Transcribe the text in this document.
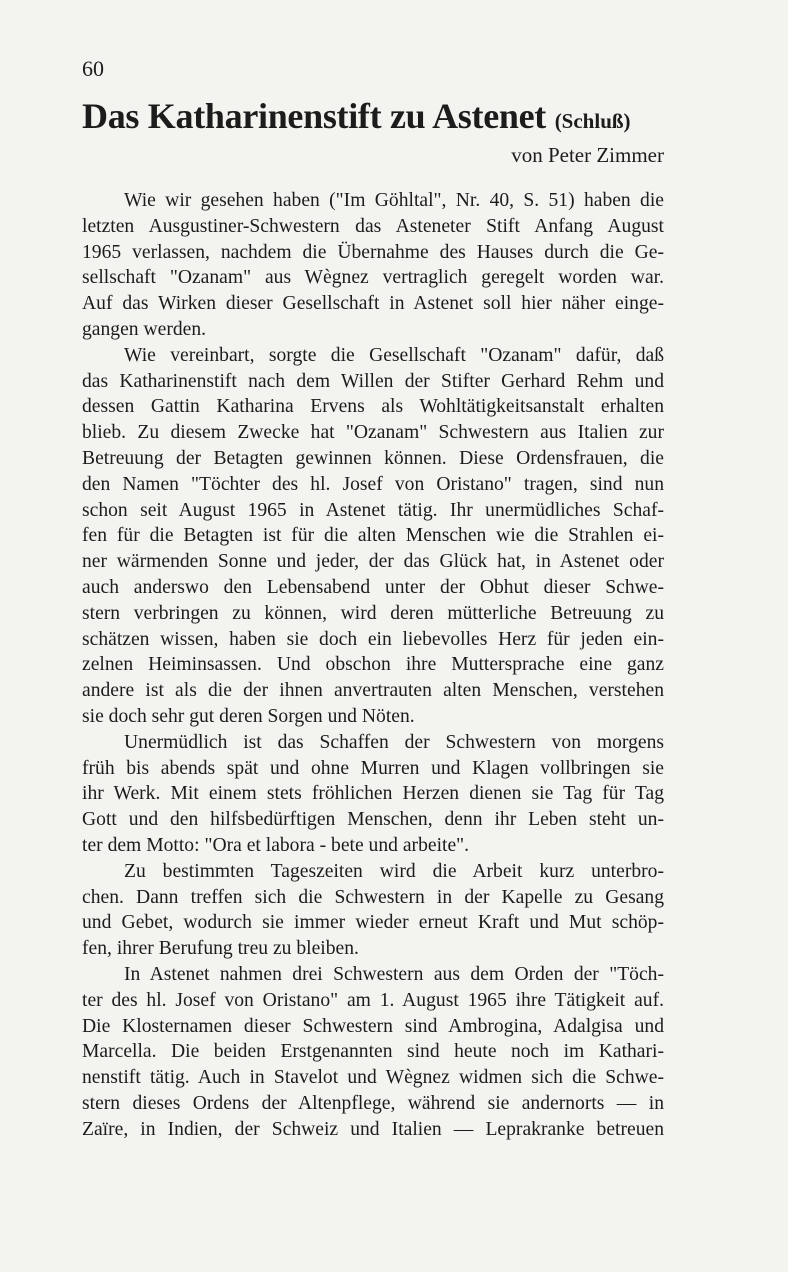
60
Das Katharinenstift zu Astenet (Schluß)
von Peter Zimmer
Wie wir gesehen haben ("Im Göhltal", Nr. 40, S. 51) haben die
letzten Ausgustiner-Schwestern das Asteneter Stift Anfang August
1965 verlassen, nachdem die Übernahme des Hauses durch die Ge-
sellschaft "Ozanam" aus Wègnez vertraglich geregelt worden war.
Auf das Wirken dieser Gesellschaft in Astenet soll hier näher einge-
gangen werden.
Wie vereinbart, sorgte die Gesellschaft "Ozanam" dafür, daß
das Katharinenstift nach dem Willen der Stifter Gerhard Rehm und
dessen Gattin Katharina Ervens als Wohltätigkeitsanstalt erhalten
blieb. Zu diesem Zwecke hat "Ozanam" Schwestern aus Italien zur
Betreuung der Betagten gewinnen können. Diese Ordensfrauen, die
den Namen "Töchter des hl. Josef von Oristano" tragen, sind nun
schon seit August 1965 in Astenet tätig. Ihr unermüdliches Schaf-
fen für die Betagten ist für die alten Menschen wie die Strahlen ei-
ner wärmenden Sonne und jeder, der das Glück hat, in Astenet oder
auch anderswo den Lebensabend unter der Obhut dieser Schwe-
stern verbringen zu können, wird deren mütterliche Betreuung zu
schätzen wissen, haben sie doch ein liebevolles Herz für jeden ein-
zelnen Heiminsassen. Und obschon ihre Muttersprache eine ganz
andere ist als die der ihnen anvertrauten alten Menschen, verstehen
sie doch sehr gut deren Sorgen und Nöten.
Unermüdlich ist das Schaffen der Schwestern von morgens
früh bis abends spät und ohne Murren und Klagen vollbringen sie
ihr Werk. Mit einem stets fröhlichen Herzen dienen sie Tag für Tag
Gott und den hilfsbedürftigen Menschen, denn ihr Leben steht un-
ter dem Motto: "Ora et labora - bete und arbeite".
Zu bestimmten Tageszeiten wird die Arbeit kurz unterbro-
chen. Dann treffen sich die Schwestern in der Kapelle zu Gesang
und Gebet, wodurch sie immer wieder erneut Kraft und Mut schöp-
fen, ihrer Berufung treu zu bleiben.
In Astenet nahmen drei Schwestern aus dem Orden der "Töch-
ter des hl. Josef von Oristano" am 1. August 1965 ihre Tätigkeit auf.
Die Klosternamen dieser Schwestern sind Ambrogina, Adalgisa und
Marcella. Die beiden Erstgenannten sind heute noch im Kathari-
nenstift tätig. Auch in Stavelot und Wègnez widmen sich die Schwe-
stern dieses Ordens der Altenpflege, während sie andernorts — in
Zaïre, in Indien, der Schweiz und Italien — Leprakranke betreuen
